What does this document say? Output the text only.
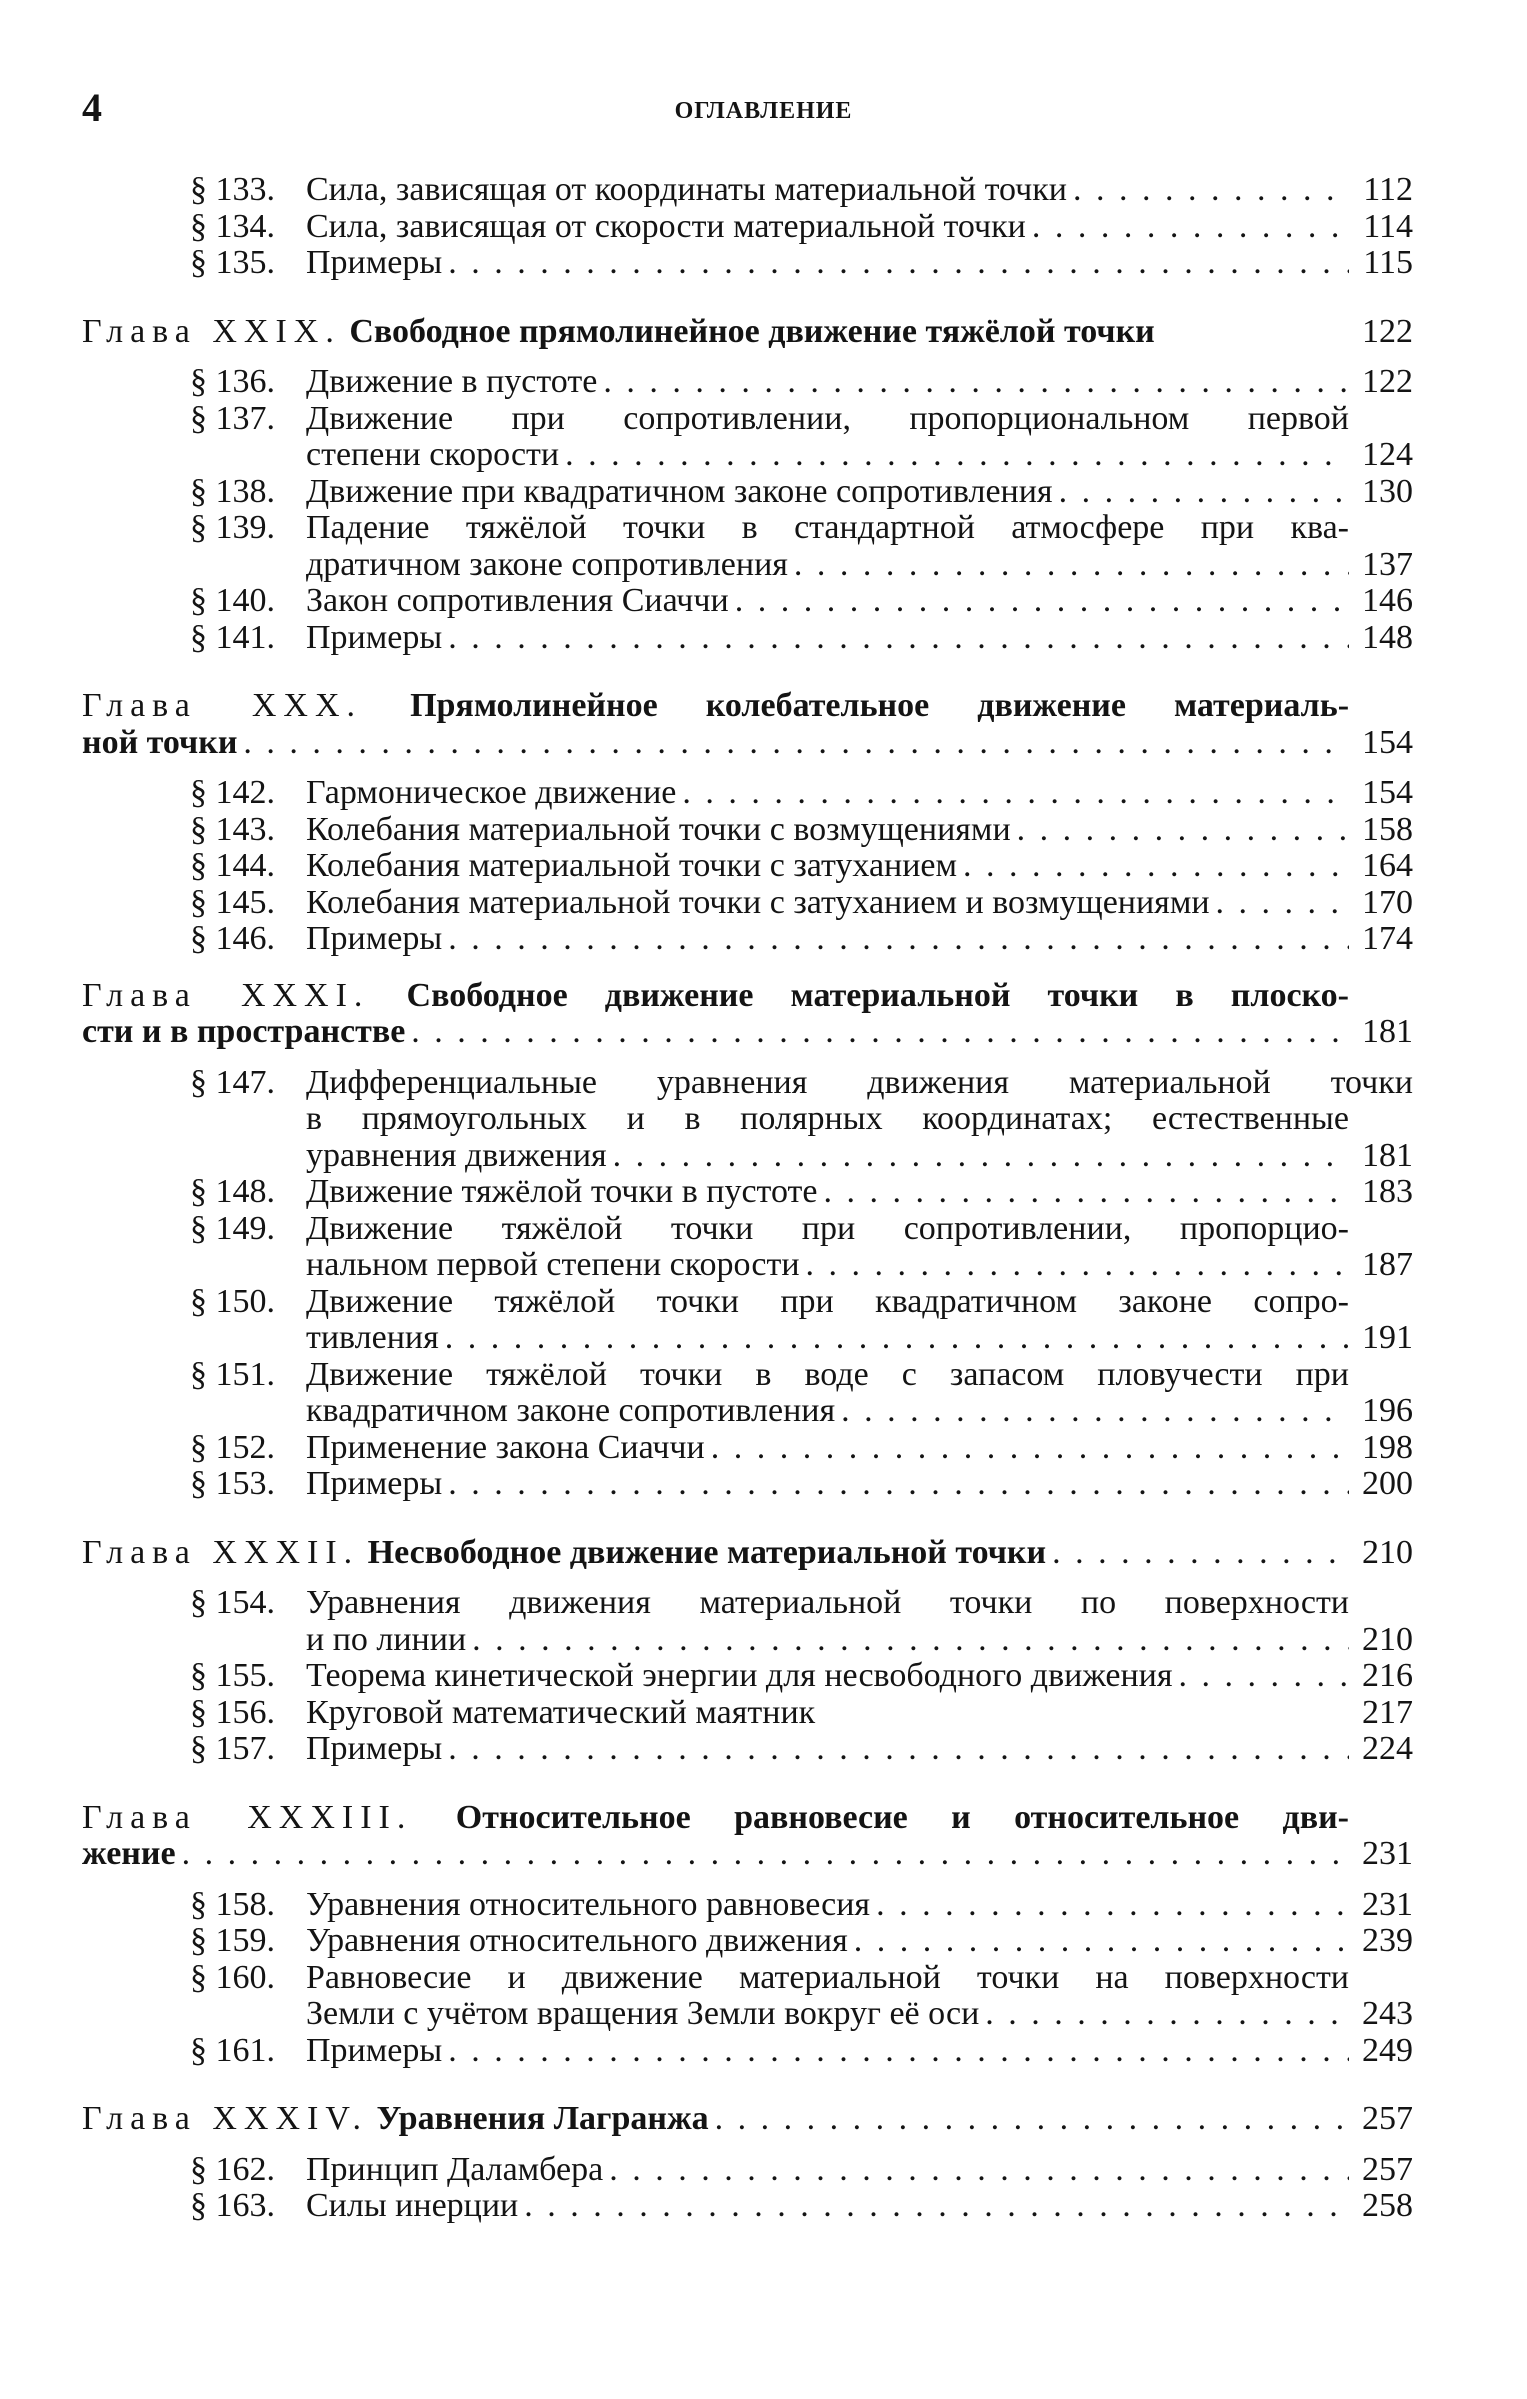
4	ОГЛАВЛЕНИЕ
§ 133. Сила, зависящая от координаты материальной точки . . .	112
§ 134. Сила, зависящая от скорости материальной точки . . .	114
§ 135. Примеры . . .	115
Глава XXIX. Свободное прямолинейное движение тяжёлой точки	122
§ 136. Движение в пустоте . . .	122
§ 137. Движение при сопротивлении, пропорциональном первой
степени скорости . . .	124
§ 138. Движение при квадратичном законе сопротивления . . .	130
§ 139. Падение тяжёлой точки в стандартной атмосфере при ква-
дратичном законе сопротивления . . .	137
§ 140. Закон сопротивления Сиаччи . . .	146
§ 141. Примеры . . .	148
Глава XXX. Прямолинейное колебательное движение материаль-
ной точки . . .	154
§ 142. Гармоническое движение . . .	154
§ 143. Колебания материальной точки с возмущениями . . .	158
§ 144. Колебания материальной точки с затуханием . . .	164
§ 145. Колебания материальной точки с затуханием и возмущениями . . .	170
§ 146. Примеры . . .	174
Глава XXXI. Свободное движение материальной точки в плоско-
сти и в пространстве . . .	181
§ 147. Дифференциальные уравнения движения материальной точки
в прямоугольных и в полярных координатах; естественные
уравнения движения . . .	181
§ 148. Движение тяжёлой точки в пустоте . . .	183
§ 149. Движение тяжёлой точки при сопротивлении, пропорцио-
нальном первой степени скорости . . .	187
§ 150. Движение тяжёлой точки при квадратичном законе сопро-
тивления . . .	191
§ 151. Движение тяжёлой точки в воде с запасом пловучести при
квадратичном законе сопротивления . . .	196
§ 152. Применение закона Сиаччи . . .	198
§ 153. Примеры . . .	200
Глава XXXII. Несвободное движение материальной точки . . .	210
§ 154. Уравнения движения материальной точки по поверхности
и по линии . . .	210
§ 155. Теорема кинетической энергии для несвободного движения . . .	216
§ 156. Круговой математический маятник	217
§ 157. Примеры . . .	224
Глава XXXIII. Относительное равновесие и относительное дви-
жение . . .	231
§ 158. Уравнения относительного равновесия . . .	231
§ 159. Уравнения относительного движения . . .	239
§ 160. Равновесие и движение материальной точки на поверхности
Земли с учётом вращения Земли вокруг её оси . . .	243
§ 161. Примеры . . .	249
Глава XXXIV. Уравнения Лагранжа . . .	257
§ 162. Принцип Даламбера . . .	257
§ 163. Силы инерции . . .	258
